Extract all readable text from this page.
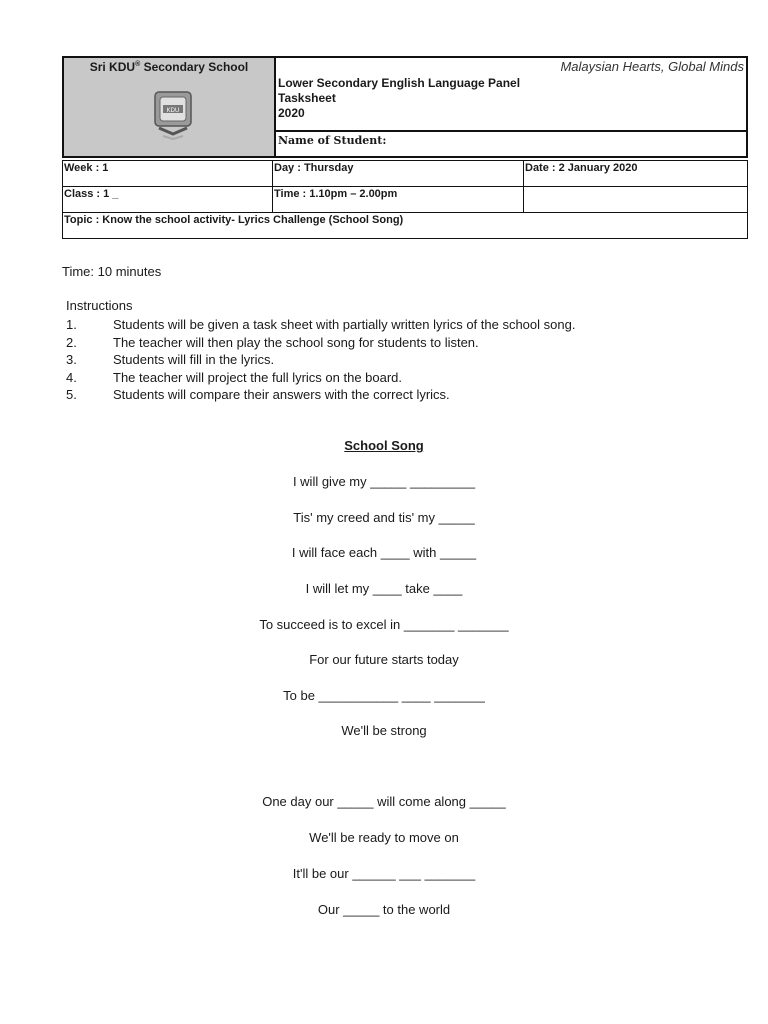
Sri KDU® Secondary School
KDU
Malaysian Hearts, Global Minds
Lower Secondary English Language Panel
Tasksheet
2020
Name of Student:
Week : 1	Day : Thursday	Date : 2 January 2020
Class : 1 _	Time : 1.10pm – 2.00pm	
Topic : Know the school activity- Lyrics Challenge (School Song)		
Time: 10 minutes
Instructions
1.	Students will be given a task sheet with partially written lyrics of the school song.
2.	The teacher will then play the school song for students to listen.
3.	Students will fill in the lyrics.
4.	The teacher will project the full lyrics on the board.
5.	Students will compare their answers with the correct lyrics.
School Song
I will give my _____ _________
Tis' my creed and tis' my _____
I will face each ____ with _____
I will let my ____ take ____
To succeed is to excel in _______ _______
For our future starts today
To be ___________ ____ _______
We'll be strong
One day our _____ will come along _____
We'll be ready to move on
It'll be our ______ ___ _______
Our _____ to the world
